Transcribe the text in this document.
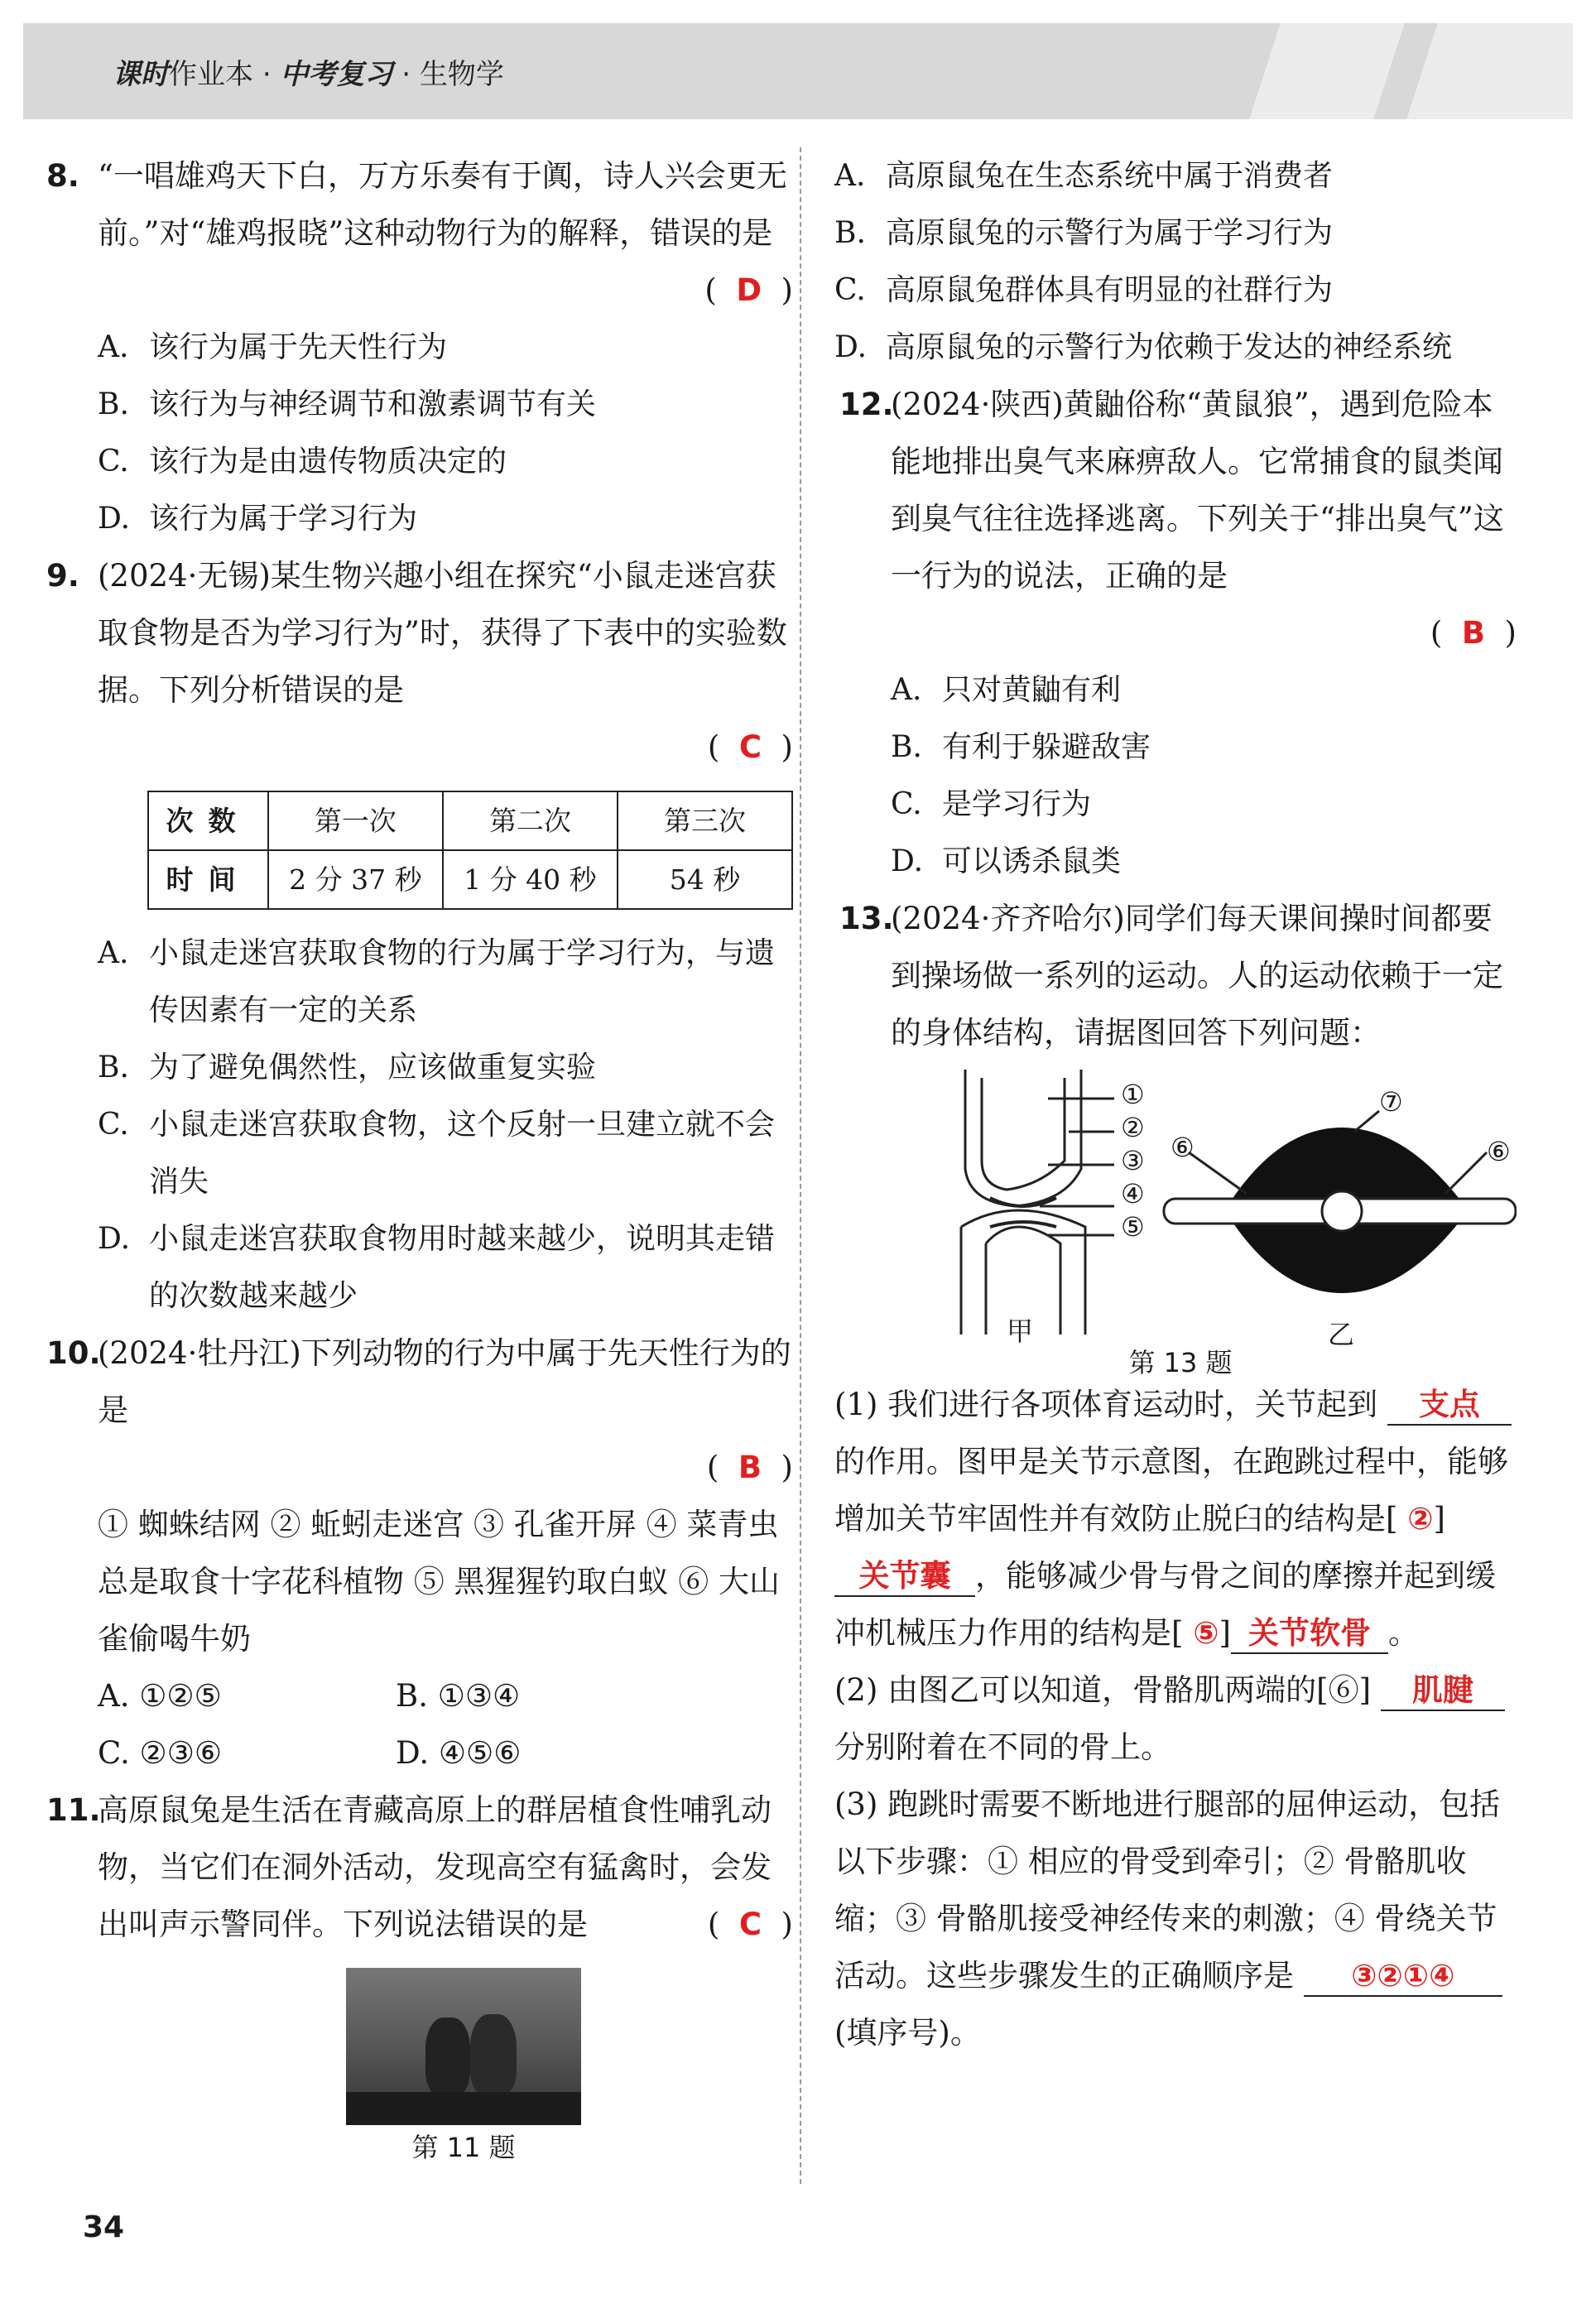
课时作业本 · 中考复习 · 生物学
8. “一唱雄鸡天下白，万方乐奏有于阗，诗人兴会更无前。”对“雄鸡报晓”这种动物行为的解释，错误的是
(  D  )
A. 该行为属于先天性行为
B. 该行为与神经调节和激素调节有关
C. 该行为是由遗传物质决定的
D. 该行为属于学习行为
9. (2024·无锡)某生物兴趣小组在探究“小鼠走迷宫获取食物是否为学习行为”时，获得了下表中的实验数据。下列分析错误的是
(  C  )
次数	第一次	第二次	第三次
时间	2 分 37 秒	1 分 40 秒	54 秒
A. 小鼠走迷宫获取食物的行为属于学习行为，与遗传因素有一定的关系
B. 为了避免偶然性，应该做重复实验
C. 小鼠走迷宫获取食物，这个反射一旦建立就不会消失
D. 小鼠走迷宫获取食物用时越来越少，说明其走错的次数越来越少
10.
(2024·牡丹江)下列动物的行为中属于先天性行为的是
(  B  )
① 蜘蛛结网 ② 蚯蚓走迷宫 ③ 孔雀开屏 ④ 菜青虫总是取食十字花科植物 ⑤ 黑猩猩钓取白蚁 ⑥ 大山雀偷喝牛奶
A. ①②⑤	B. ①③④
C. ②③⑥	D. ④⑤⑥
11.
高原鼠兔是生活在青藏高原上的群居植食性哺乳动物，当它们在洞外活动，发现高空有猛禽时，会发出叫声示警同伴。下列说法错误的是	(  C  )
第 11 题
A. 高原鼠兔在生态系统中属于消费者
B. 高原鼠兔的示警行为属于学习行为
C. 高原鼠兔群体具有明显的社群行为
D. 高原鼠兔的示警行为依赖于发达的神经系统
12.
(2024·陕西)黄鼬俗称“黄鼠狼”，遇到危险本能地排出臭气来麻痹敌人。它常捕食的鼠类闻到臭气往往选择逃离。下列关于“排出臭气”这一行为的说法，正确的是
(  B  )
A. 只对黄鼬有利
B. 有利于躲避敌害
C. 是学习行为
D. 可以诱杀鼠类
13.
(2024·齐齐哈尔)同学们每天课间操时间都要到操场做一系列的运动。人的运动依赖于一定的身体结构，请据图回答下列问题：
①
②
③
④
⑤
⑥
⑦
⑥
甲	乙
第 13 题
(1) 我们进行各项体育运动时，关节起到 支点的作用。图甲是关节示意图，在跑跳过程中，能够增加关节牢固性并有效防止脱臼的结构是[ ②]关节囊 ，能够减少骨与骨之间的摩擦并起到缓冲机械压力作用的结构是[ ⑤] 关节软骨 。
(2) 由图乙可以知道，骨骼肌两端的[⑥] 肌腱分别附着在不同的骨上。
(3) 跑跳时需要不断地进行腿部的屈伸运动，包括以下步骤：① 相应的骨受到牵引；② 骨骼肌收缩；③ 骨骼肌接受神经传来的刺激；④ 骨绕关节活动。这些步骤发生的正确顺序是 ③②①④(填序号)。
34
